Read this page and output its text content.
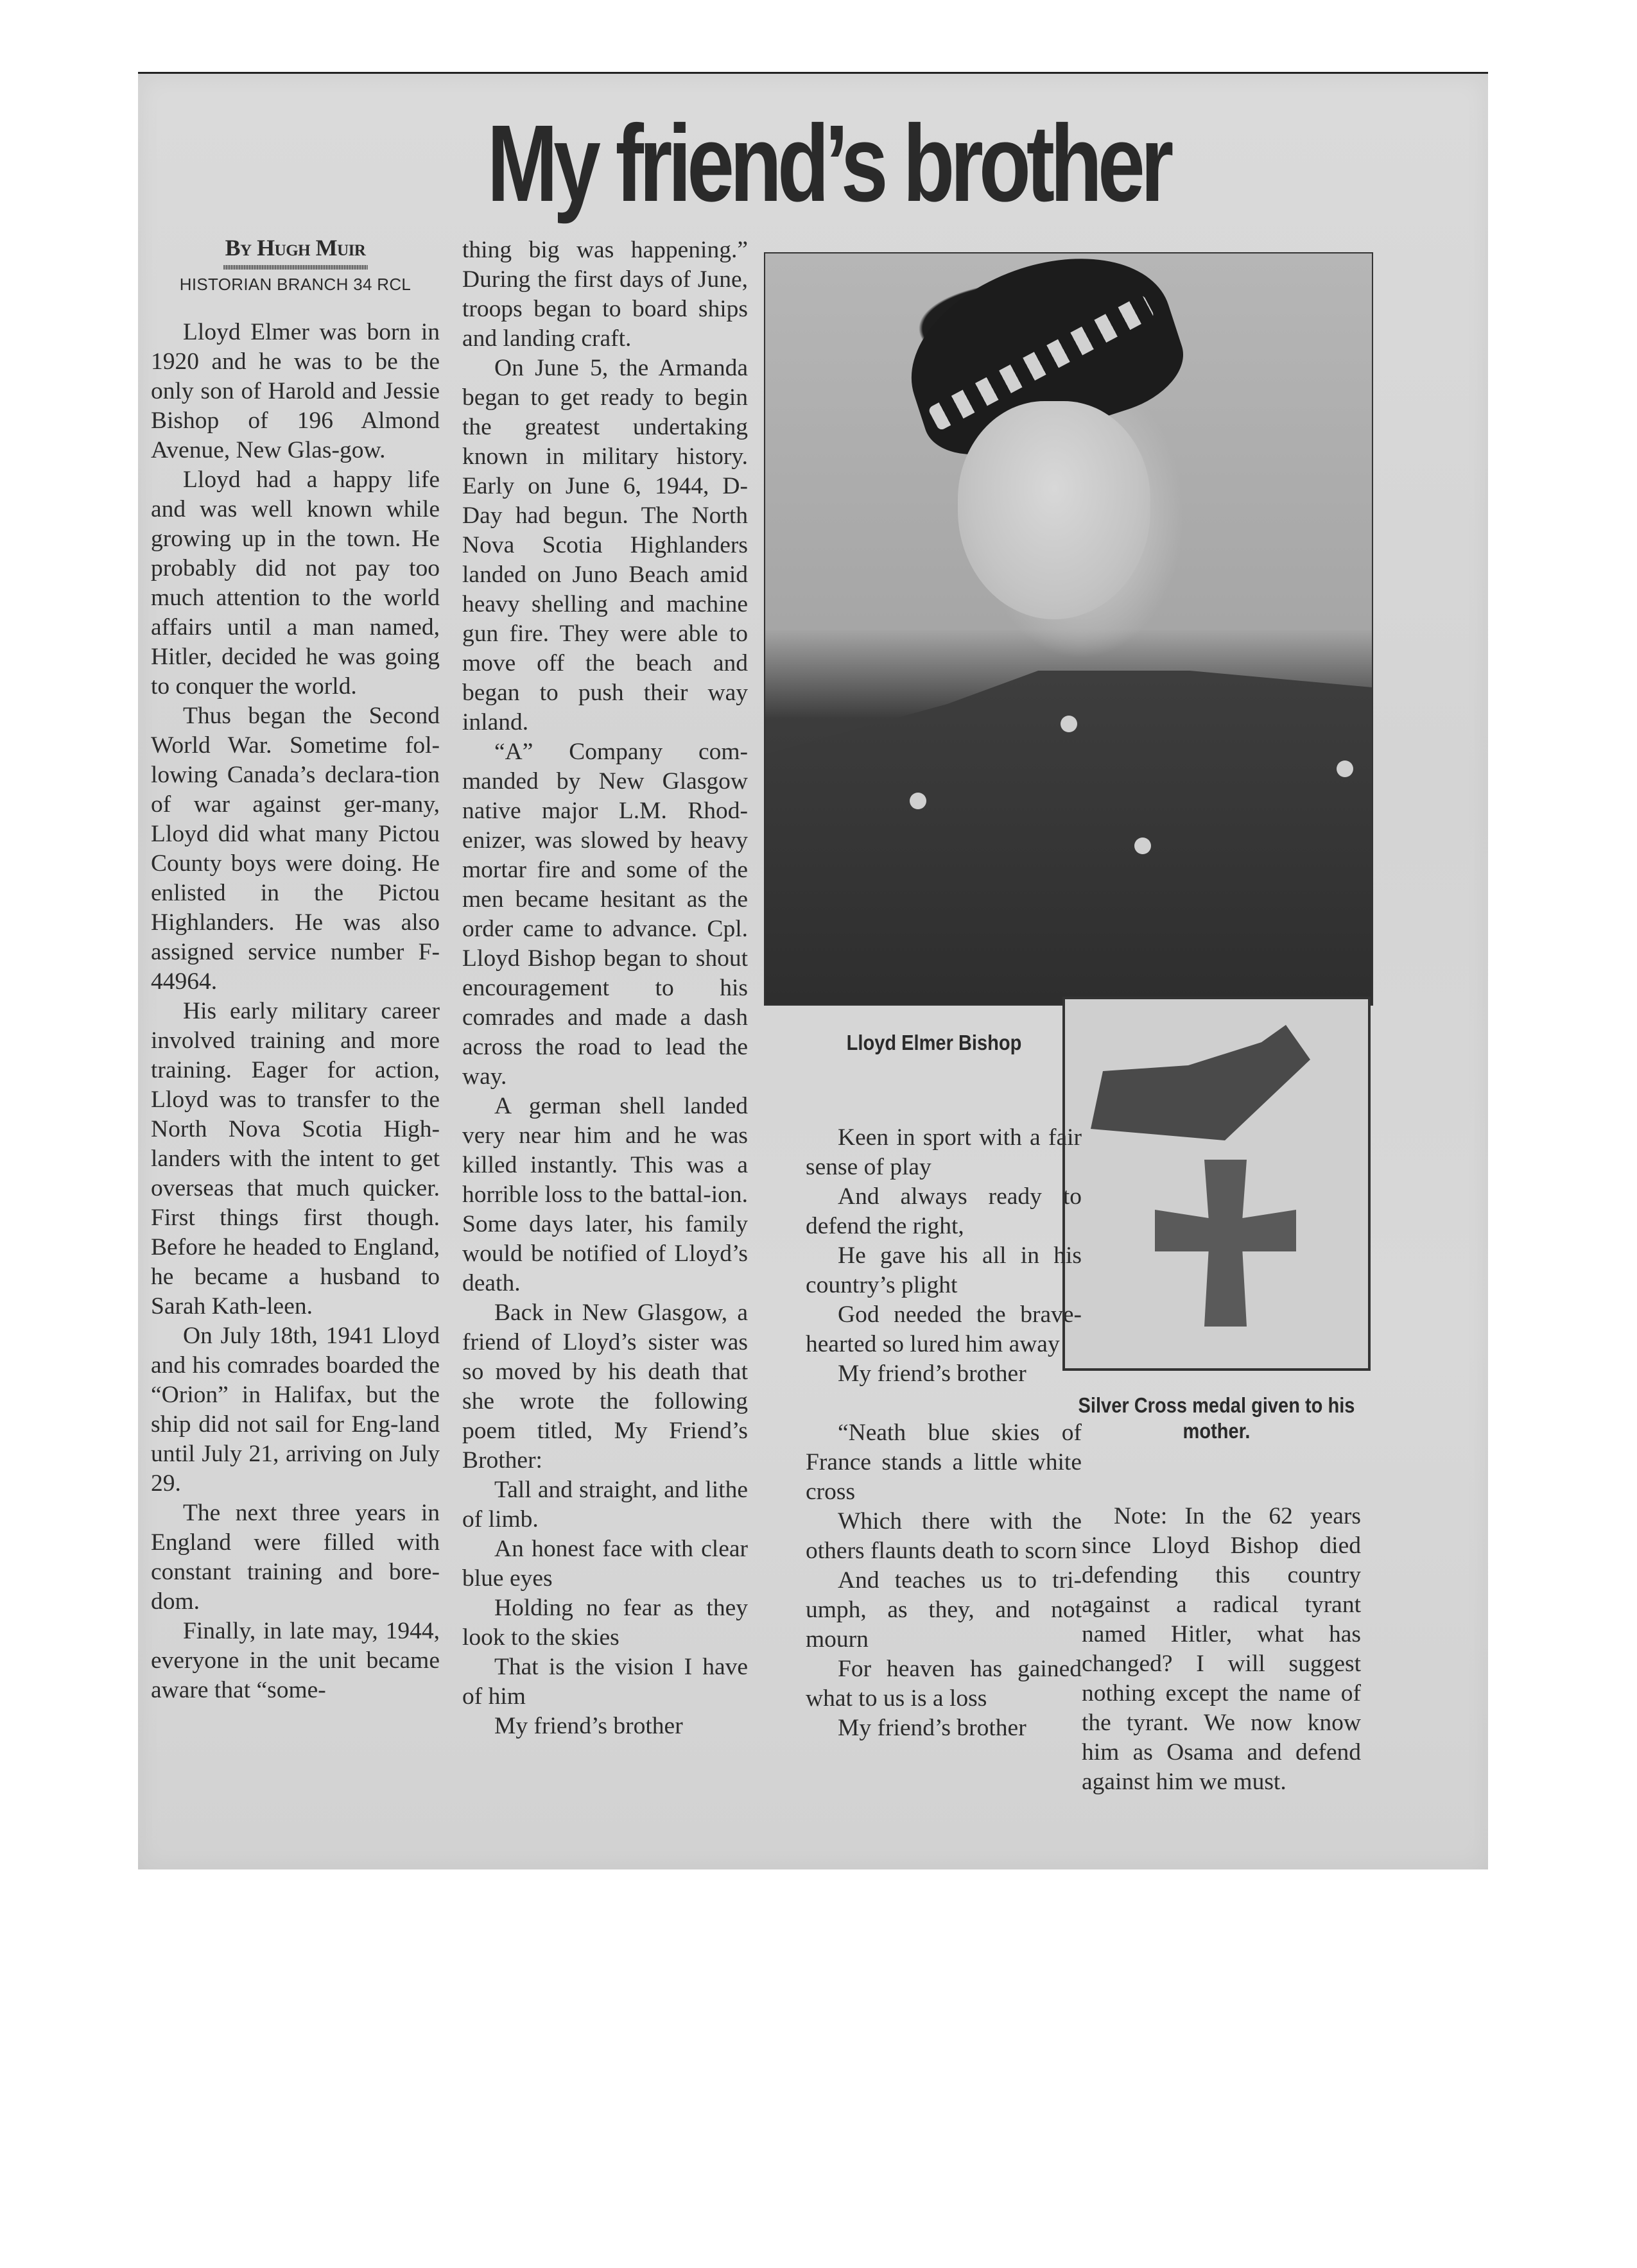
My friend’s brother
By Hugh Muir
HISTORIAN BRANCH 34 RCL

Lloyd Elmer was born in 1920 and he was to be the only son of Harold and Jessie Bishop of 196 Almond Avenue, New Glas-gow.

Lloyd had a happy life and was well known while growing up in the town. He probably did not pay too much attention to the world affairs until a man named, Hitler, decided he was going to conquer the world.

Thus began the Second World War. Sometime fol-lowing Canada’s declara-tion of war against ger-many, Lloyd did what many Pictou County boys were doing. He enlisted in the Pictou Highlanders. He was also assigned service number F-44964.

His early military career involved training and more training. Eager for action, Lloyd was to transfer to the North Nova Scotia High-landers with the intent to get overseas that much quicker. First things first though. Before he headed to England, he became a husband to Sarah Kath-leen.

On July 18th, 1941 Lloyd and his comrades boarded the “Orion” in Halifax, but the ship did not sail for Eng-land until July 21, arriving on July 29.

The next three years in England were filled with constant training and bore-dom.

Finally, in late may, 1944, everyone in the unit became aware that “some-

thing big was happening.” During the first days of June, troops began to board ships and landing craft.

On June 5, the Armanda began to get ready to begin the greatest undertaking known in military history. Early on June 6, 1944, D-Day had begun. The North Nova Scotia Highlanders landed on Juno Beach amid heavy shelling and machine gun fire. They were able to move off the beach and began to push their way inland.

“A” Company com-manded by New Glasgow native major L.M. Rhod-enizer, was slowed by heavy mortar fire and some of the men became hesitant as the order came to advance. Cpl. Lloyd Bishop began to shout encouragement to his comrades and made a dash across the road to lead the way.

A german shell landed very near him and he was killed instantly. This was a horrible loss to the battal-ion. Some days later, his family would be notified of Lloyd’s death.

Back in New Glasgow, a friend of Lloyd’s sister was so moved by his death that she wrote the following poem titled, My Friend’s Brother:

Tall and straight, and lithe of limb.

An honest face with clear blue eyes

Holding no fear as they look to the skies

That is the vision I have of him

My friend’s brother

Lloyd Elmer Bishop
Silver Cross medal given to his mother.

Keen in sport with a fair sense of play

And always ready to defend the right,

He gave his all in his country’s plight

God needed the brave-hearted so lured him away

My friend’s brother

“Neath blue skies of France stands a little white cross

Which there with the others flaunts death to scorn

And teaches us to tri-umph, as they, and not mourn

For heaven has gained what to us is a loss

My friend’s brother

Note: In the 62 years since Lloyd Bishop died defending this country against a radical tyrant named Hitler, what has changed? I will suggest nothing except the name of the tyrant. We now know him as Osama and defend against him we must.
